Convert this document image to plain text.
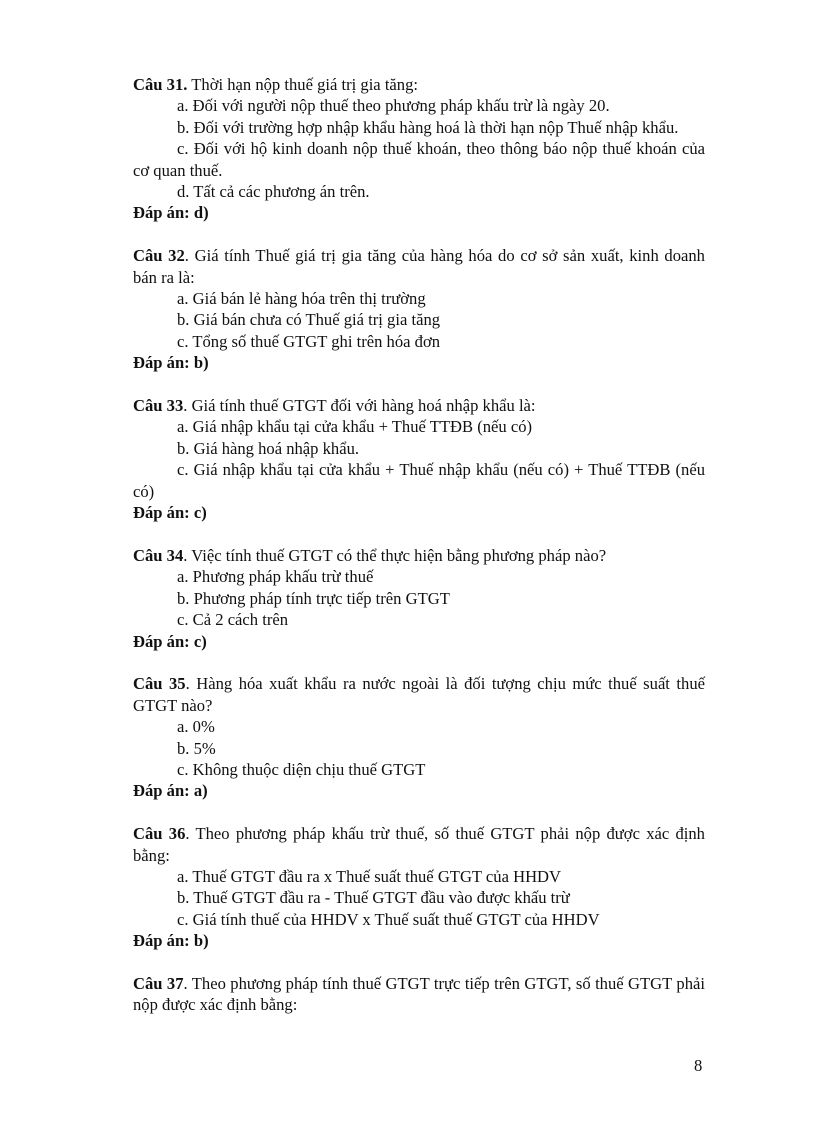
Câu 31. Thời hạn nộp thuế giá trị gia tăng:

a. Đối với người nộp thuế theo phương pháp khấu trừ là ngày 20.

b. Đối với trường hợp nhập khẩu hàng hoá là thời hạn nộp Thuế nhập khẩu.

c. Đối với hộ kinh doanh nộp thuế khoán, theo thông báo nộp thuế khoán của cơ quan thuế.

d. Tất cả các phương án trên.

Đáp án: d)

Câu 32. Giá tính Thuế giá trị gia tăng của hàng hóa do cơ sở sản xuất, kinh doanh bán ra là:

a. Giá bán lẻ hàng hóa trên thị trường

b. Giá bán chưa có Thuế giá trị gia tăng

c. Tổng số thuế GTGT ghi trên hóa đơn

Đáp án: b)

Câu 33. Giá tính thuế GTGT đối với hàng hoá nhập khẩu là:

a. Giá nhập khẩu tại cửa khẩu + Thuế TTĐB (nếu có)

b. Giá hàng hoá nhập khẩu.

c. Giá nhập khẩu tại cửa khẩu + Thuế nhập khẩu (nếu có) + Thuế TTĐB (nếu có)

Đáp án: c)

Câu 34. Việc tính thuế GTGT có thể thực hiện bằng phương pháp nào?

a. Phương pháp khấu trừ thuế

b. Phương pháp tính trực tiếp trên GTGT

c. Cả 2 cách trên

Đáp án: c)

Câu 35. Hàng hóa xuất khẩu ra nước ngoài là đối tượng chịu mức thuế suất thuế GTGT nào?

a. 0%

b. 5%

c. Không thuộc diện chịu thuế GTGT

Đáp án: a)

Câu 36. Theo phương pháp khấu trừ thuế, số thuế GTGT phải nộp được xác định bằng:

a. Thuế GTGT đầu ra x Thuế suất thuế GTGT của HHDV

b. Thuế GTGT đầu ra - Thuế GTGT đầu vào được khấu trừ

c. Giá tính thuế của HHDV x Thuế suất thuế GTGT của HHDV

Đáp án: b)

Câu 37. Theo phương pháp tính thuế GTGT trực tiếp trên GTGT, số thuế GTGT phải nộp được xác định bằng:

8
